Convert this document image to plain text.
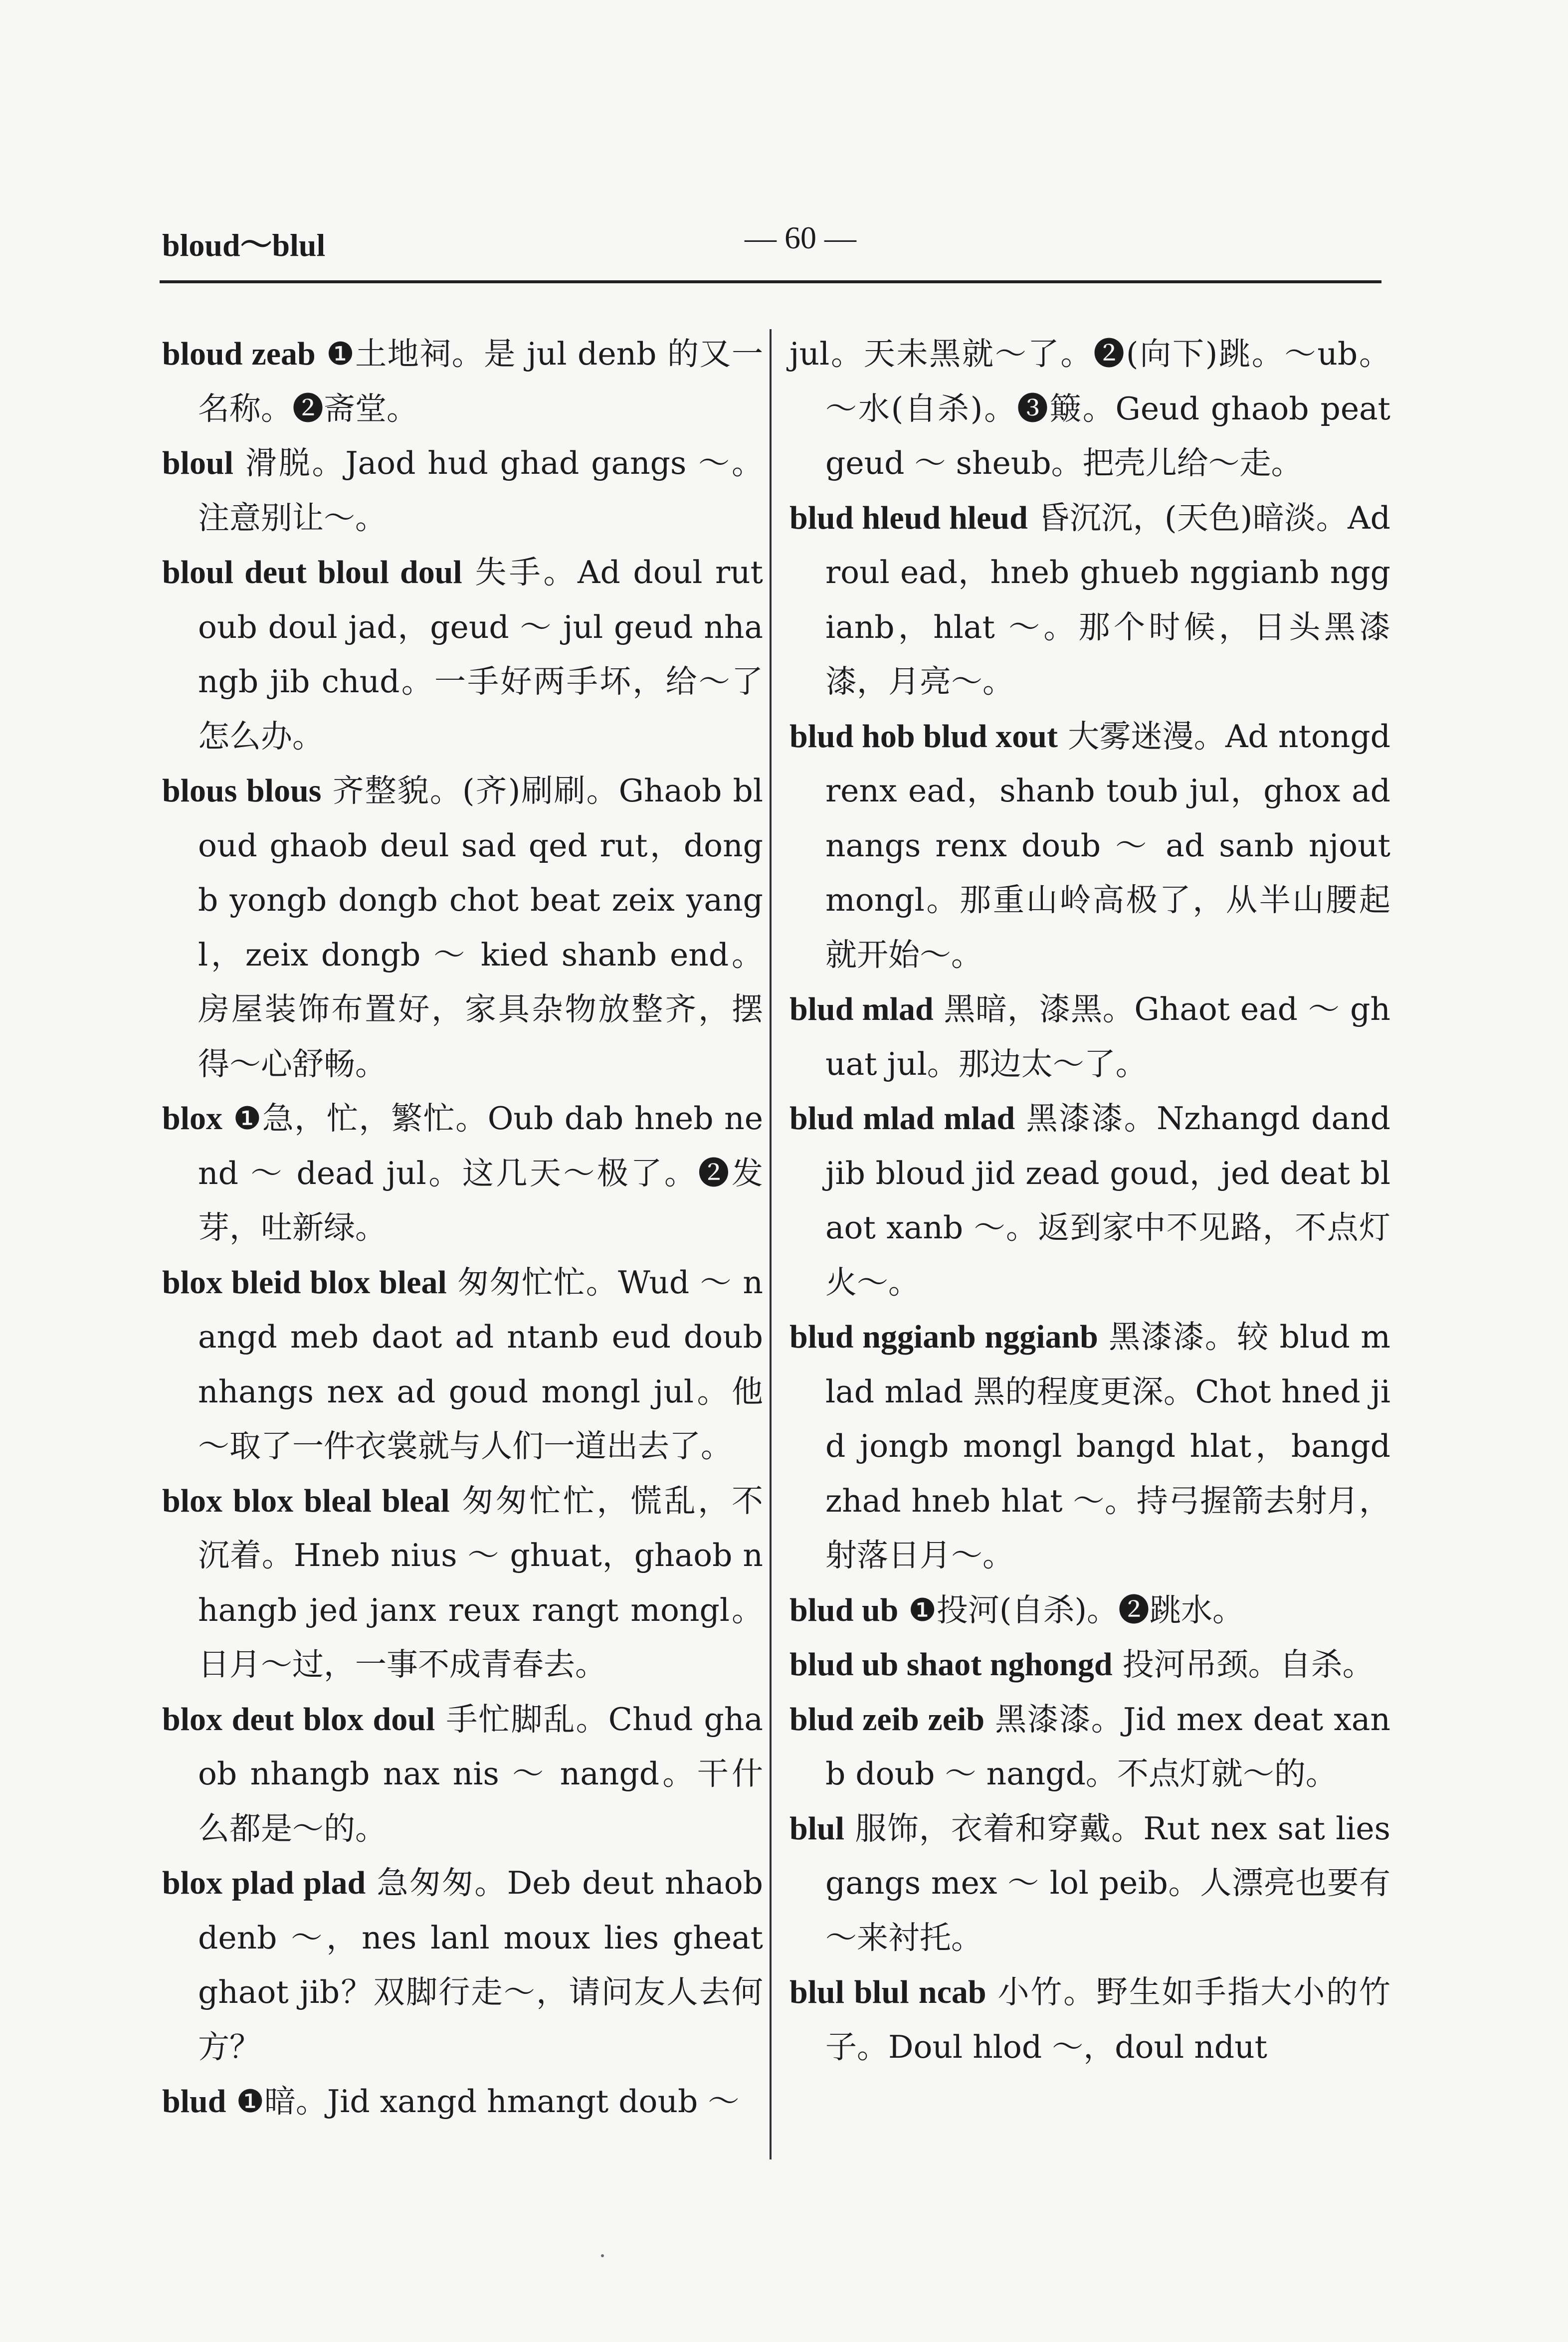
bloud～blul	— 60 —
bloud zeab ❶土地祠。是 jul denb 的又一名称。❷斋堂。
bloul 滑脱。Jaod hud ghad gangs ～。注意别让～。
bloul deut bloul doul 失手。Ad doul rut oub doul jad，geud ～ jul geud nhangb jib chud。一手好两手坏，给～了怎么办。
blous blous 齐整貌。(齐)刷刷。Ghaob bloud ghaob deul sad qed rut，dongb yongb dongb chot beat zeix yangl，zeix dongb ～ kied shanb end。房屋装饰布置好，家具杂物放整齐，摆得～心舒畅。
blox ❶急，忙，繁忙。Oub dab hneb nend ～ dead jul。这几天～极了。❷发芽，吐新绿。
blox bleid blox bleal 匆匆忙忙。Wud ～ nangd meb daot ad ntanb eud doub nhangs nex ad goud mongl jul。他～取了一件衣裳就与人们一道出去了。
blox blox bleal bleal 匆匆忙忙，慌乱，不沉着。Hneb nius ～ ghuat，ghaob nhangb jed janx reux rangt mongl。日月～过，一事不成青春去。
blox deut blox doul 手忙脚乱。Chud ghaob nhangb nax nis ～ nangd。干什么都是～的。
blox plad plad 急匆匆。Deb deut nhaob denb ～，nes lanl moux lies gheat ghaot jib？双脚行走～，请问友人去何方？
blud ❶暗。Jid xangd hmangt doub ～
jul。天未黑就～了。❷(向下)跳。～ub。～水(自杀)。❸簸。Geud ghaob peat geud ～ sheub。把壳儿给～走。
blud hleud hleud 昏沉沉，(天色)暗淡。Ad roul ead，hneb ghueb nggianb nggianb，hlat ～。那个时候，日头黑漆漆，月亮～。
blud hob blud xout 大雾迷漫。Ad ntongd renx ead，shanb toub jul，ghox ad nangs renx doub ～ ad sanb njout mongl。那重山岭高极了，从半山腰起就开始～。
blud mlad 黑暗，漆黑。Ghaot ead ～ ghuat jul。那边太～了。
blud mlad mlad 黑漆漆。Nzhangd dand jib bloud jid zead goud，jed deat blaot xanb ～。返到家中不见路，不点灯火～。
blud nggianb nggianb 黑漆漆。较 blud mlad mlad 黑的程度更深。Chot hned jid jongb mongl bangd hlat，bangd zhad hneb hlat ～。持弓握箭去射月，射落日月～。
blud ub ❶投河(自杀)。❷跳水。
blud ub shaot nghongd 投河吊颈。自杀。
blud zeib zeib 黑漆漆。Jid mex deat xanb doub ～ nangd。不点灯就～的。
blul 服饰，衣着和穿戴。Rut nex sat lies gangs mex ～ lol peib。人漂亮也要有～来衬托。
blul blul ncab 小竹。野生如手指大小的竹子。Doul hlod ～，doul ndut
